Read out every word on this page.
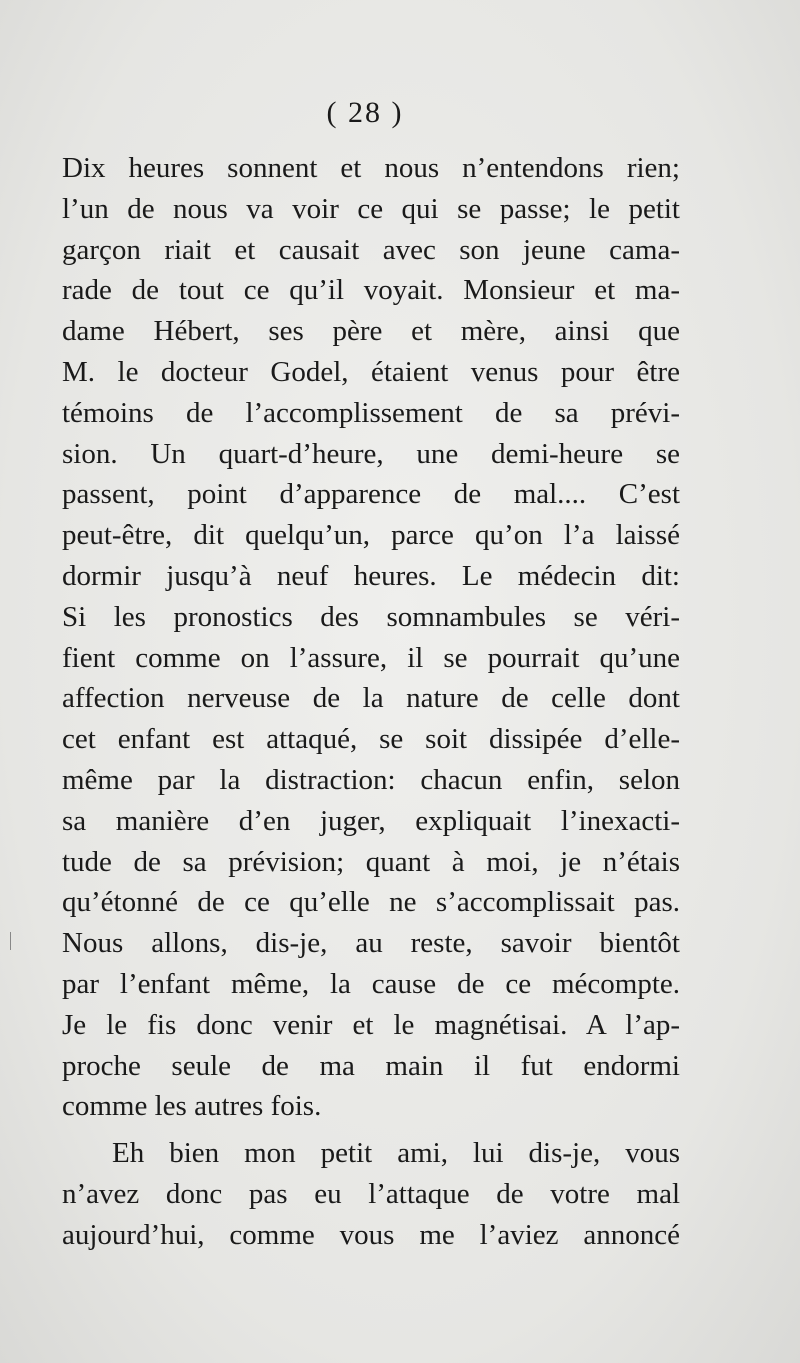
( 28 )
Dix heures sonnent et nous n’entendons rien;
l’un de nous va voir ce qui se passe; le petit
garçon riait et causait avec son jeune cama-
rade de tout ce qu’il voyait. Monsieur et ma-
dame Hébert, ses père et mère, ainsi que
M. le docteur Godel, étaient venus pour être
témoins de l’accomplissement de sa prévi-
sion. Un quart-d’heure, une demi-heure se
passent, point d’apparence de mal.... C’est
peut-être, dit quelqu’un, parce qu’on l’a laissé
dormir jusqu’à neuf heures. Le médecin dit:
Si les pronostics des somnambules se véri-
fient comme on l’assure, il se pourrait qu’une
affection nerveuse de la nature de celle dont
cet enfant est attaqué, se soit dissipée d’elle-
même par la distraction: chacun enfin, selon
sa manière d’en juger, expliquait l’inexacti-
tude de sa prévision; quant à moi, je n’étais
qu’étonné de ce qu’elle ne s’accomplissait pas.
Nous allons, dis-je, au reste, savoir bientôt
par l’enfant même, la cause de ce mécompte.
Je le fis donc venir et le magnétisai. A l’ap-
proche seule de ma main il fut endormi
comme les autres fois.
Eh bien mon petit ami, lui dis-je, vous
n’avez donc pas eu l’attaque de votre mal
aujourd’hui, comme vous me l’aviez annoncé
